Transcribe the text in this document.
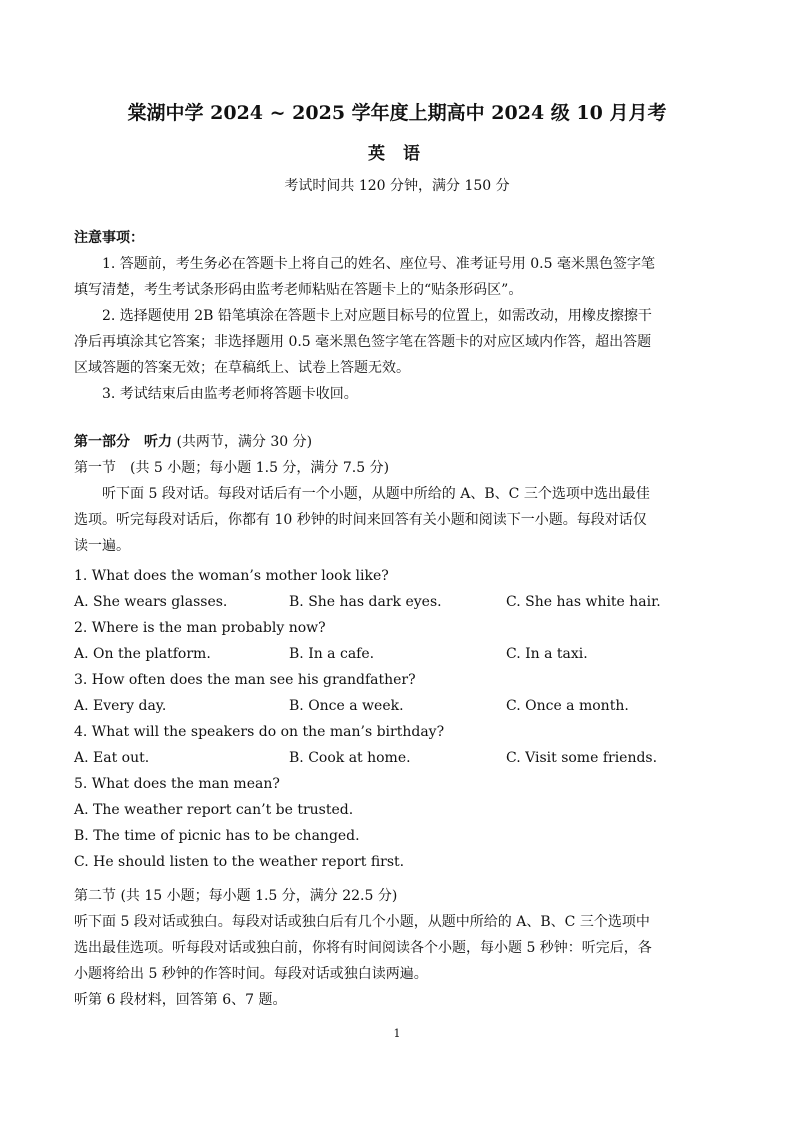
棠湖中学 2024 ~ 2025 学年度上期高中 2024 级 10 月月考
英 语
考试时间共 120 分钟，满分 150 分
注意事项：
1. 答题前，考生务必在答题卡上将自己的姓名、座位号、准考证号用 0.5 毫米黑色签字笔
填写清楚，考生考试条形码由监考老师粘贴在答题卡上的“贴条形码区”。
2. 选择题使用 2B 铅笔填涂在答题卡上对应题目标号的位置上，如需改动，用橡皮擦擦干
净后再填涂其它答案；非选择题用 0.5 毫米黑色签字笔在答题卡的对应区域内作答，超出答题
区域答题的答案无效；在草稿纸上、试卷上答题无效。
3. 考试结束后由监考老师将答题卡收回。
第一部分　听力 (共两节，满分 30 分)
第一节　(共 5 小题；每小题 1.5 分，满分 7.5 分)
听下面 5 段对话。每段对话后有一个小题，从题中所给的 A、B、C 三个选项中选出最佳
选项。听完每段对话后，你都有 10 秒钟的时间来回答有关小题和阅读下一小题。每段对话仅
读一遍。
1. What does the woman’s mother look like?
A. She wears glasses.	B. She has dark eyes.	C. She has white hair.
2. Where is the man probably now?
A. On the platform.	B. In a cafe.	C. In a taxi.
3. How often does the man see his grandfather?
A. Every day.	B. Once a week.	C. Once a month.
4. What will the speakers do on the man’s birthday?
A. Eat out.	B. Cook at home.	C. Visit some friends.
5. What does the man mean?
A. The weather report can’t be trusted.
B. The time of picnic has to be changed.
C. He should listen to the weather report first.
第二节 (共 15 小题；每小题 1.5 分，满分 22.5 分)
听下面 5 段对话或独白。每段对话或独白后有几个小题，从题中所给的 A、B、C 三个选项中
选出最佳选项。听每段对话或独白前，你将有时间阅读各个小题，每小题 5 秒钟：听完后，各
小题将给出 5 秒钟的作答时间。每段对话或独白读两遍。
听第 6 段材料，回答第 6、7 题。
1
